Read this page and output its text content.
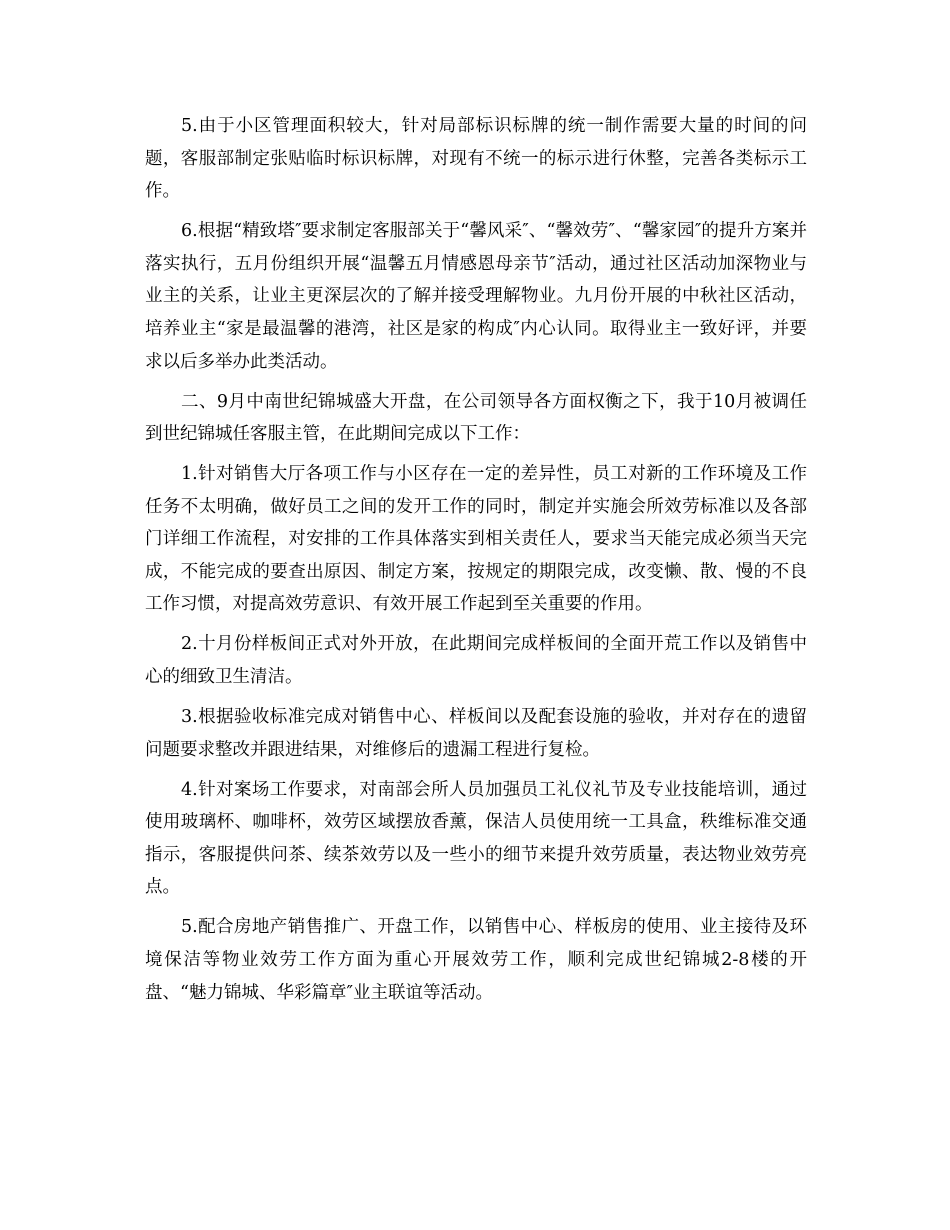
5.由于小区管理面积较大，针对局部标识标牌的统一制作需要大量的时间的问题，客服部制定张贴临时标识标牌，对现有不统一的标示进行休整，完善各类标示工作。

6.根据“精致塔″要求制定客服部关于“馨风采″、“馨效劳″、“馨家园″的提升方案并落实执行，五月份组织开展“温馨五月情感恩母亲节″活动，通过社区活动加深物业与业主的关系，让业主更深层次的了解并接受理解物业。九月份开展的中秋社区活动，培养业主“家是最温馨的港湾，社区是家的构成″内心认同。取得业主一致好评，并要求以后多举办此类活动。

二、9月中南世纪锦城盛大开盘，在公司领导各方面权衡之下，我于10月被调任到世纪锦城任客服主管，在此期间完成以下工作：

1.针对销售大厅各项工作与小区存在一定的差异性，员工对新的工作环境及工作任务不太明确，做好员工之间的发开工作的同时，制定并实施会所效劳标准以及各部门详细工作流程，对安排的工作具体落实到相关责任人，要求当天能完成必须当天完成，不能完成的要查出原因、制定方案，按规定的期限完成，改变懒、散、慢的不良工作习惯，对提高效劳意识、有效开展工作起到至关重要的作用。

2.十月份样板间正式对外开放，在此期间完成样板间的全面开荒工作以及销售中心的细致卫生清洁。

3.根据验收标准完成对销售中心、样板间以及配套设施的验收，并对存在的遗留问题要求整改并跟进结果，对维修后的遗漏工程进行复检。

4.针对案场工作要求，对南部会所人员加强员工礼仪礼节及专业技能培训，通过使用玻璃杯、咖啡杯，效劳区域摆放香薰，保洁人员使用统一工具盒，秩维标准交通指示，客服提供问茶、续茶效劳以及一些小的细节来提升效劳质量，表达物业效劳亮点。

5.配合房地产销售推广、开盘工作，以销售中心、样板房的使用、业主接待及环境保洁等物业效劳工作方面为重心开展效劳工作，顺利完成世纪锦城2-8楼的开盘、“魅力锦城、华彩篇章″业主联谊等活动。
